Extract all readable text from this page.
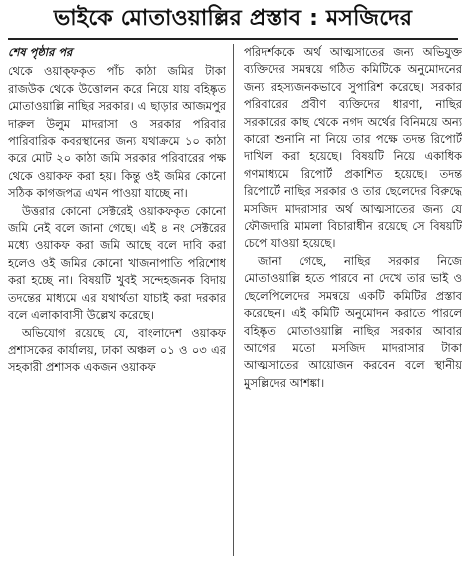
ভাইকে মোতাওয়াল্লির প্রস্তাব : মসজিদের
শেষ পৃষ্ঠার পর

থেকে ওয়াক্‌ফকৃত পাঁচ কাঠা জমির টাকা রাজউক থেকে উত্তোলন করে নিয়ে যায় বহিষ্কৃত মোতাওয়াল্লি নাছির সরকার। এ ছাড়ার আজমপুর দারুল উলুম মাদরাসা ও সরকার পরিবার পারিবারিক কবরস্থানের জন্য যথাক্রমে ১০ কাঠা করে মোট ২০ কাঠা জমি সরকার পরিবারের পক্ষ থেকে ওয়াকফ করা হয়। কিন্তু ওই জমির কোনো সঠিক কাগজপত্র এখন পাওয়া যাচ্ছে না।

উত্তরার কোনো সেক্টরেই ওয়াকফকৃত কোনো জমি নেই বলে জানা গেছে। এই ৪ নং সেক্টরের মধ্যে ওয়াকফ করা জমি আছে বলে দাবি করা হলেও ওই জমির কোনো খাজনাপাতি পরিশোধ করা হচ্ছে না। বিষয়টি খুবই সন্দেহজনক বিদায় তদন্তের মাধ্যমে এর যথার্থতা যাচাই করা দরকার বলে এলাকাবাসী উল্লেখ করেছে।

অভিযোগ রয়েছে যে, বাংলাদেশ ওয়াকফ প্রশাসকের কার্যালয়, ঢাকা অঞ্চল ০১ ও ০৩ এর সহকারী প্রশাসক একজন ওয়াকফ

পরিদর্শককে অর্থ আত্মসাতের জন্য অভিযুক্ত ব্যক্তিদের সমন্বয়ে গঠিত কমিটিকে অনুমোদনের জন্য রহস্যজনকভাবে সুপারিশ করেছে। সরকার পরিবারের প্রবীণ ব্যক্তিদের ধারণা, নাছির সরকারের কাছ থেকে নগদ অর্থের বিনিময়ে অন্য কারো শুনানি না নিয়ে তার পক্ষে তদন্ত রিপোর্ট দাখিল করা হয়েছে। বিষয়টি নিয়ে একাধিক গণমাধ্যমে রিপোর্ট প্রকাশিত হয়েছে। তদন্ত রিপোর্টে নাছির সরকার ও তার ছেলেদের বিরুদ্ধে মসজিদ মাদরাসার অর্থ আত্মসাতের জন্য যে ফৌজদারি মামলা বিচারাধীন রয়েছে সে বিষয়টি চেপে যাওয়া হয়েছে।

জানা গেছে, নাছির সরকার নিজে মোতাওয়াল্লি হতে পারবে না দেখে তার ভাই ও ছেলেপিলেদের সমন্বয়ে একটি কমিটির প্রস্তাব করেছেন। এই কমিটি অনুমোদন করাতে পারলে বহিষ্কৃত মোতাওয়াল্লি নাছির সরকার আবার আগের মতো মসজিদ মাদরাসার টাকা আত্মসাতের আয়োজন করবেন বলে স্থানীয় মুসল্লিদের আশঙ্কা।
